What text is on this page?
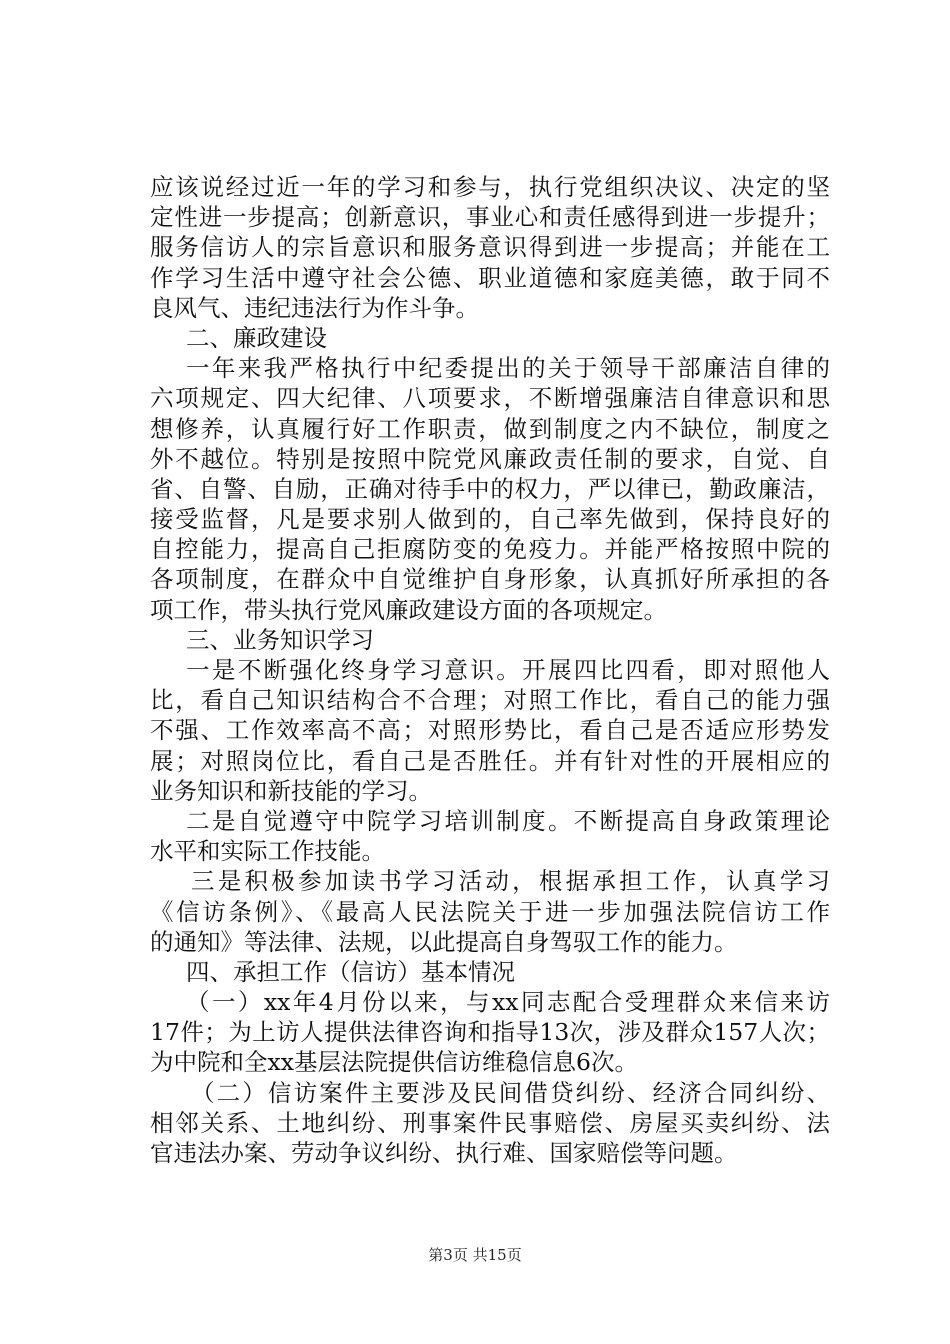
应该说经过近一年的学习和参与，执行党组织决议、决定的坚
定性进一步提高；创新意识，事业心和责任感得到进一步提升；
服务信访人的宗旨意识和服务意识得到进一步提高；并能在工
作学习生活中遵守社会公德、职业道德和家庭美德，敢于同不
良风气、违纪违法行为作斗争。
二、廉政建设
一年来我严格执行中纪委提出的关于领导干部廉洁自律的
六项规定、四大纪律、八项要求，不断增强廉洁自律意识和思
想修养，认真履行好工作职责，做到制度之内不缺位，制度之
外不越位。特别是按照中院党风廉政责任制的要求，自觉、自
省、自警、自励，正确对待手中的权力，严以律已，勤政廉洁，
接受监督，凡是要求别人做到的，自己率先做到，保持良好的
自控能力，提高自己拒腐防变的免疫力。并能严格按照中院的
各项制度，在群众中自觉维护自身形象，认真抓好所承担的各
项工作，带头执行党风廉政建设方面的各项规定。
三、业务知识学习
一是不断强化终身学习意识。开展四比四看，即对照他人
比，看自己知识结构合不合理；对照工作比，看自己的能力强
不强、工作效率高不高；对照形势比，看自己是否适应形势发
展；对照岗位比，看自己是否胜任。并有针对性的开展相应的
业务知识和新技能的学习。
二是自觉遵守中院学习培训制度。不断提高自身政策理论
水平和实际工作技能。
三是积极参加读书学习活动，根据承担工作，认真学习
《信访条例》、《最高人民法院关于进一步加强法院信访工作
的通知》等法律、法规，以此提高自身驾驭工作的能力。
四、承担工作（信访）基本情况
（一）xx年4月份以来，与xx同志配合受理群众来信来访
17件；为上访人提供法律咨询和指导13次，涉及群众157人次；
为中院和全xx基层法院提供信访维稳信息6次。
（二）信访案件主要涉及民间借贷纠纷、经济合同纠纷、
相邻关系、土地纠纷、刑事案件民事赔偿、房屋买卖纠纷、法
官违法办案、劳动争议纠纷、执行难、国家赔偿等问题。
第3页 共15页
